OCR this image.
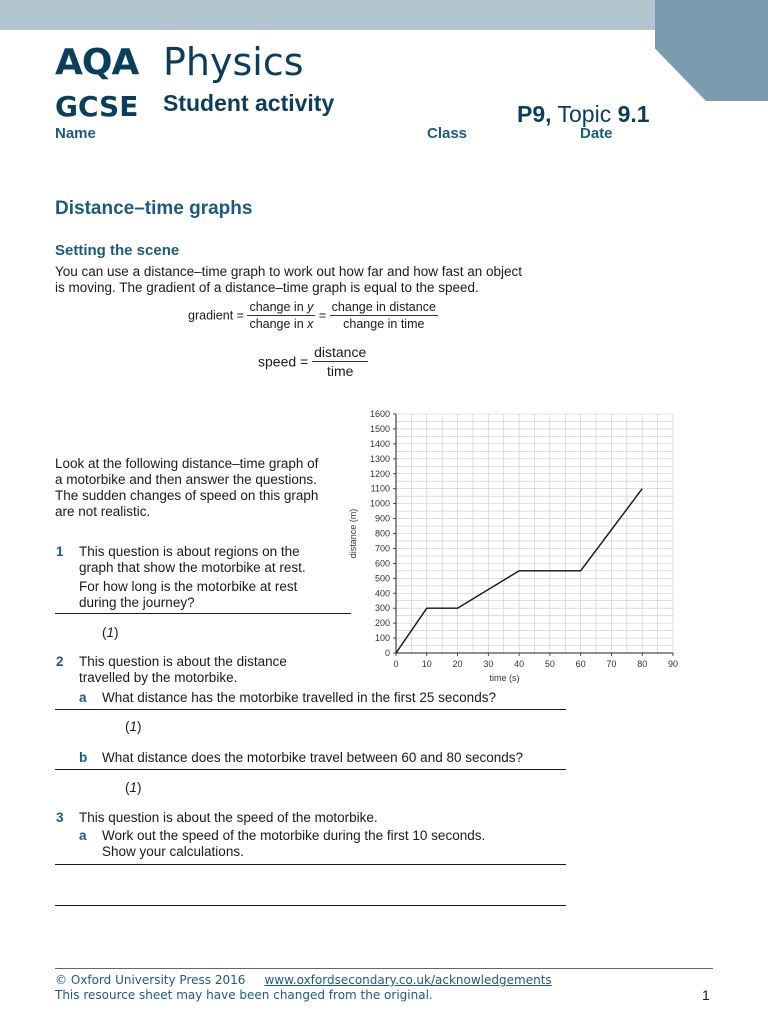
AQA Physics
GCSE Student activity	P9, Topic 9.1
Name	Class	Date
Distance–time graphs
Setting the scene
You can use a distance–time graph to work out how far and how fast an object
is moving. The gradient of a distance–time graph is equal to the speed.
gradient = $\frac{\text{change in y}}{\text{change in x}} = \frac{\text{change in distance}}{\text{change in time}}$
speed = $\frac{\text{distance}}{\text{time}}$
Look at the following distance–time graph of
a motorbike and then answer the questions.
The sudden changes of speed on this graph
are not realistic.
0	10 20 30 40 50 60 70 80 90
0
100
200
300
400
500
600
700
800
900
1000
1100
1200
1300
1400
1500
1600
time (s)
distance (m)
1 This question is about regions on the
graph that show the motorbike at rest.
For how long is the motorbike at rest
during the journey?
(1)
2 This question is about the distance
travelled by the motorbike.
a What distance has the motorbike travelled in the first 25 seconds?
(1)
b What distance does the motorbike travel between 60 and 80 seconds?
(1)
3 This question is about the speed of the motorbike.
a Work out the speed of the motorbike during the first 10 seconds.
Show your calculations.
© Oxford University Press 2016 www.oxfordsecondary.co.uk/acknowledgements
This resource sheet may have been changed from the original.	1
